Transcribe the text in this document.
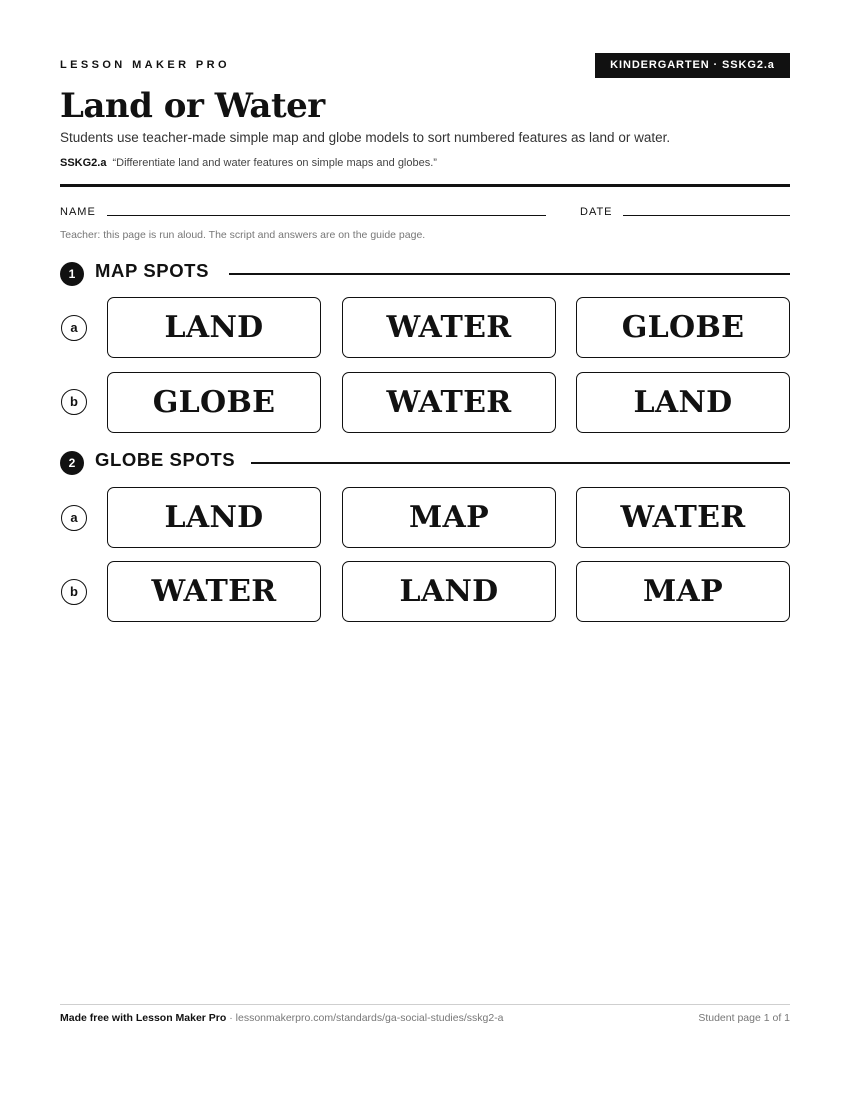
LESSON MAKER PRO	KINDERGARTEN · SSKG2.a
Land or Water
Students use teacher-made simple map and globe models to sort numbered features as land or water.
SSKG2.a “Differentiate land and water features on simple maps and globes.”
NAME	DATE
Teacher: this page is run aloud. The script and answers are on the guide page.
1	MAP SPOTS
a	LAND	WATER	GLOBE
b	GLOBE	WATER	LAND
2	GLOBE SPOTS
a	LAND	MAP	WATER
b	WATER	LAND	MAP
Made free with Lesson Maker Pro · lessonmakerpro.com/standards/ga-social-studies/sskg2-a	Student page 1 of 1
